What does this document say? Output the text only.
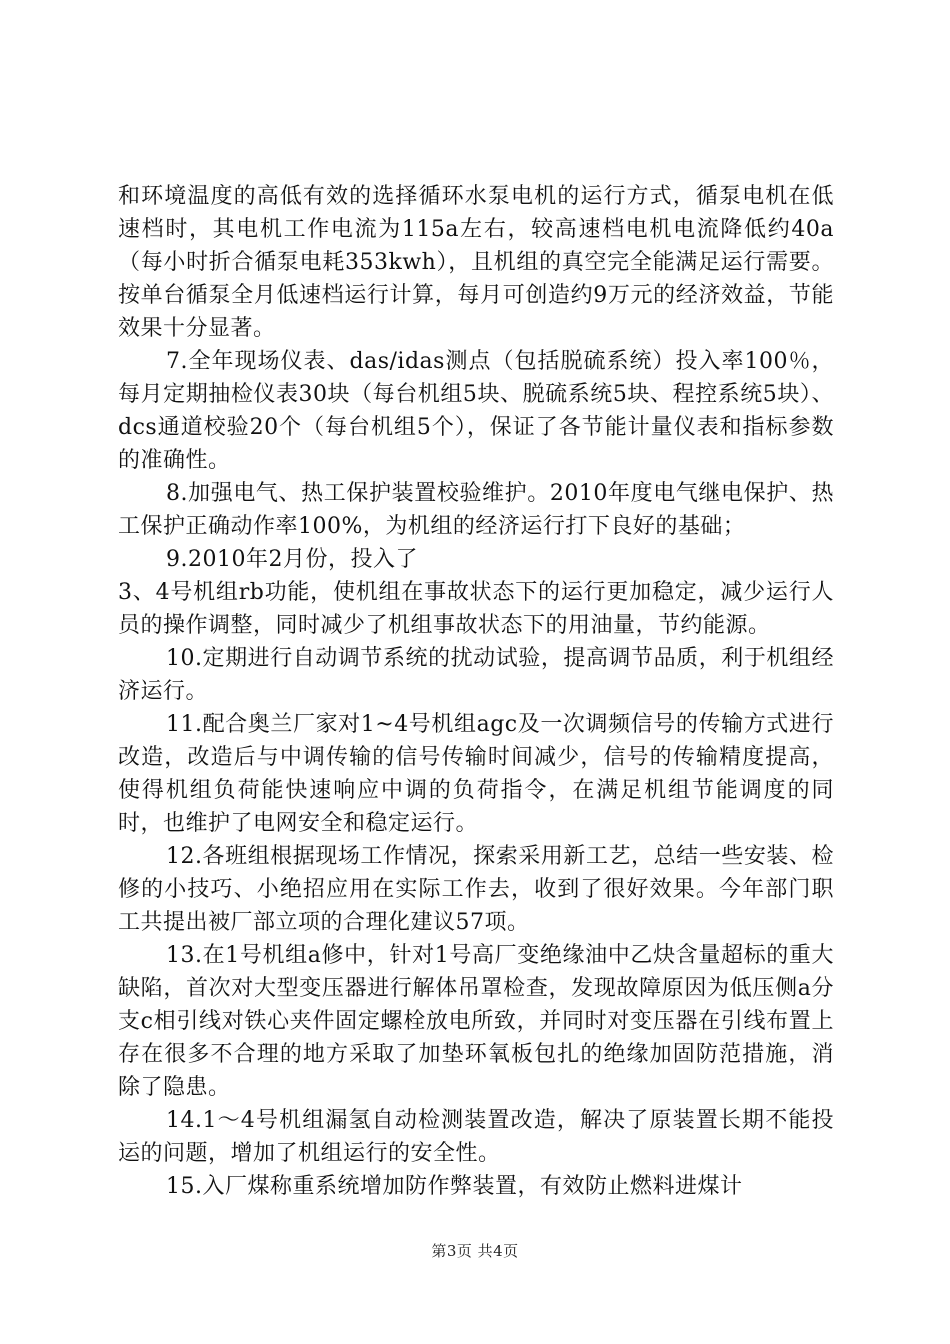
和环境温度的高低有效的选择循环水泵电机的运行方式，循泵电机在低速档时，其电机工作电流为115a左右，较高速档电机电流降低约40a（每小时折合循泵电耗353kwh），且机组的真空完全能满足运行需要。按单台循泵全月低速档运行计算，每月可创造约9万元的经济效益，节能效果十分显著。

7.全年现场仪表、das/idas测点（包括脱硫系统）投入率100％，每月定期抽检仪表30块（每台机组5块、脱硫系统5块、程控系统5块）、dcs通道校验20个（每台机组5个），保证了各节能计量仪表和指标参数的准确性。

8.加强电气、热工保护装置校验维护。2010年度电气继电保护、热工保护正确动作率100%，为机组的经济运行打下良好的基础；

9.2010年2月份，投入了

3、4号机组rb功能，使机组在事故状态下的运行更加稳定，减少运行人员的操作调整，同时减少了机组事故状态下的用油量，节约能源。

10.定期进行自动调节系统的扰动试验，提高调节品质，利于机组经济运行。

11.配合奥兰厂家对1~4号机组agc及一次调频信号的传输方式进行改造，改造后与中调传输的信号传输时间减少，信号的传输精度提高，使得机组负荷能快速响应中调的负荷指令，在满足机组节能调度的同时，也维护了电网安全和稳定运行。

12.各班组根据现场工作情况，探索采用新工艺，总结一些安装、检修的小技巧、小绝招应用在实际工作去，收到了很好效果。今年部门职工共提出被厂部立项的合理化建议57项。

13.在1号机组a修中，针对1号高厂变绝缘油中乙炔含量超标的重大缺陷，首次对大型变压器进行解体吊罩检查，发现故障原因为低压侧a分支c相引线对铁心夹件固定螺栓放电所致，并同时对变压器在引线布置上存在很多不合理的地方采取了加垫环氧板包扎的绝缘加固防范措施，消除了隐患。

14.1～4号机组漏氢自动检测装置改造，解决了原装置长期不能投运的问题，增加了机组运行的安全性。

15.入厂煤称重系统增加防作弊装置，有效防止燃料进煤计

第3页 共4页
